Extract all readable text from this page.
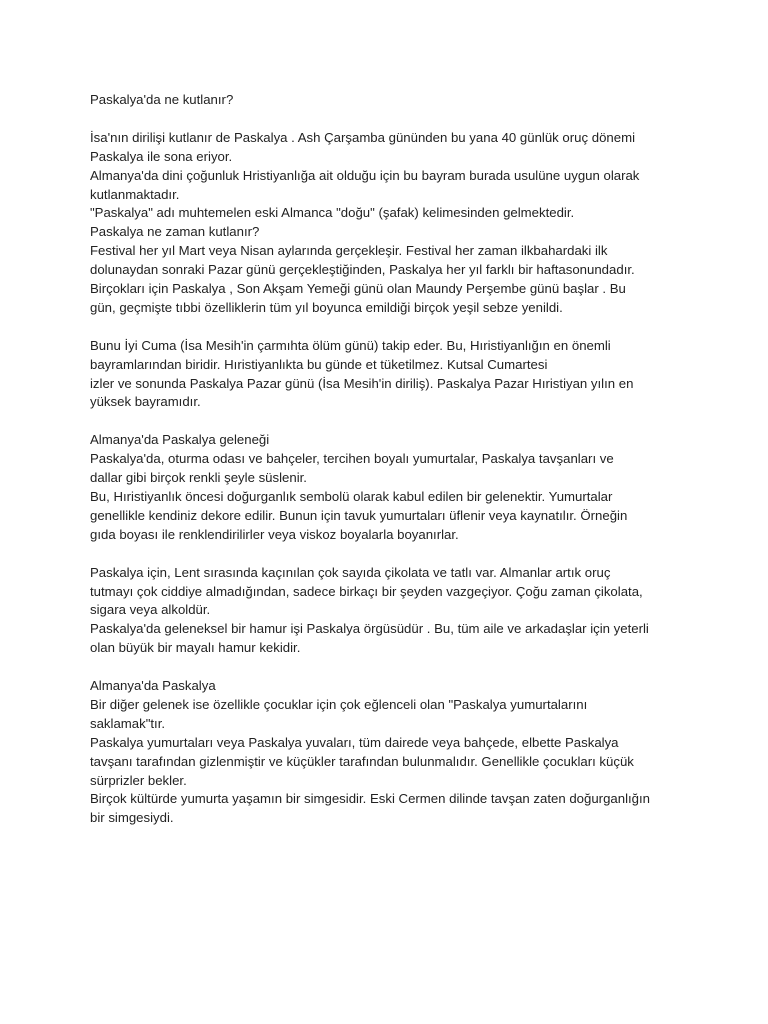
Paskalya'da ne kutlanır?
İsa'nın dirilişi kutlanır de Paskalya . Ash Çarşamba gününden bu yana 40 günlük oruç dönemi
Paskalya ile sona eriyor.
Almanya'da dini çoğunluk Hristiyanlığa ait olduğu için bu bayram burada usulüne uygun olarak
kutlanmaktadır.
"Paskalya" adı muhtemelen eski Almanca "doğu" (şafak) kelimesinden gelmektedir.
Paskalya ne zaman kutlanır?
Festival her yıl Mart veya Nisan aylarında gerçekleşir. Festival her zaman ilkbahardaki ilk
dolunaydan sonraki Pazar günü gerçekleştiğinden, Paskalya her yıl farklı bir haftasonundadır.
Birçokları için Paskalya , Son Akşam Yemeği günü olan Maundy Perşembe günü başlar . Bu
gün, geçmişte tıbbi özelliklerin tüm yıl boyunca emildiği birçok yeşil sebze yenildi.
Bunu İyi Cuma (İsa Mesih'in çarmıhta ölüm günü) takip eder. Bu, Hıristiyanlığın en önemli
bayramlarından biridir. Hıristiyanlıkta bu günde et tüketilmez. Kutsal Cumartesi
izler ve sonunda Paskalya Pazar günü (İsa Mesih'in diriliş). Paskalya Pazar Hıristiyan yılın en
yüksek bayramıdır.
Almanya'da Paskalya geleneği
Paskalya'da, oturma odası ve bahçeler, tercihen boyalı yumurtalar, Paskalya tavşanları ve
dallar gibi birçok renkli şeyle süslenir.
Bu, Hıristiyanlık öncesi doğurganlık sembolü olarak kabul edilen bir gelenektir. Yumurtalar
genellikle kendiniz dekore edilir. Bunun için tavuk yumurtaları üflenir veya kaynatılır. Örneğin
gıda boyası ile renklendirilirler veya viskoz boyalarla boyanırlar.
Paskalya için, Lent sırasında kaçınılan çok sayıda çikolata ve tatlı var. Almanlar artık oruç
tutmayı çok ciddiye almadığından, sadece birkaçı bir şeyden vazgeçiyor. Çoğu zaman çikolata,
sigara veya alkoldür.
Paskalya'da geleneksel bir hamur işi Paskalya örgüsüdür . Bu, tüm aile ve arkadaşlar için yeterli
olan büyük bir mayalı hamur kekidir.
Almanya'da Paskalya
Bir diğer gelenek ise özellikle çocuklar için çok eğlenceli olan "Paskalya yumurtalarını
saklamak"tır.
Paskalya yumurtaları veya Paskalya yuvaları, tüm dairede veya bahçede, elbette Paskalya
tavşanı tarafından gizlenmiştir ve küçükler tarafından bulunmalıdır. Genellikle çocukları küçük
sürprizler bekler.
Birçok kültürde yumurta yaşamın bir simgesidir. Eski Cermen dilinde tavşan zaten doğurganlığın
bir simgesiydi.
